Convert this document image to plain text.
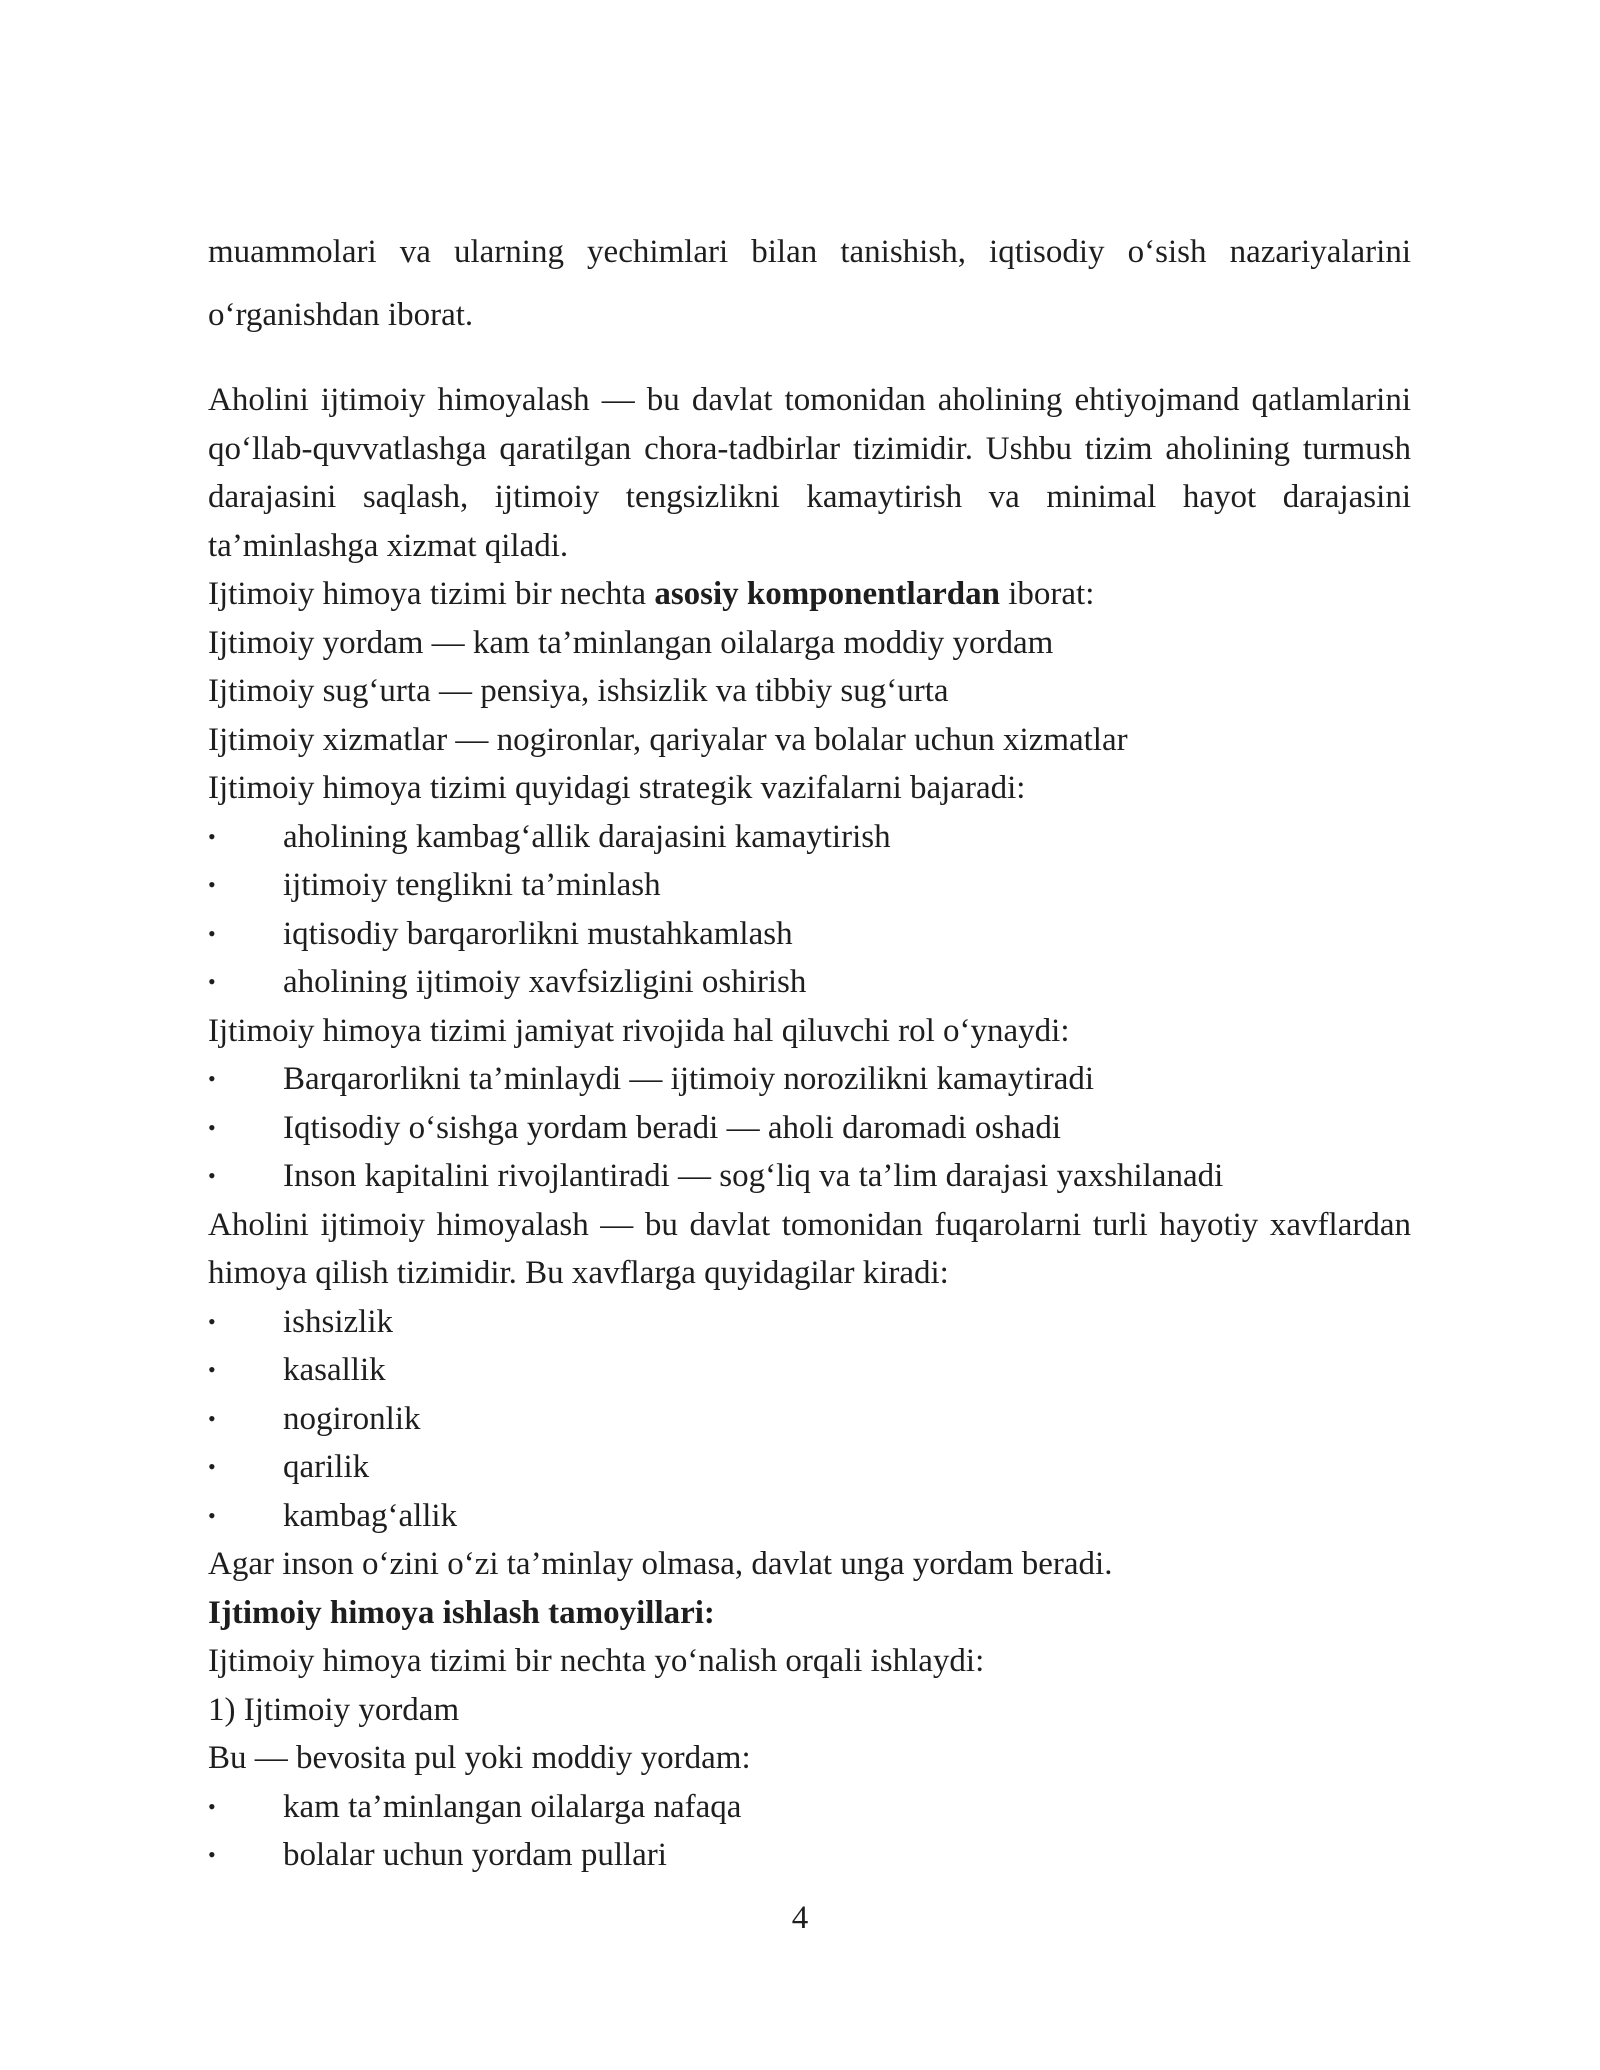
muammolari va ularning yechimlari bilan tanishish, iqtisodiy o‘sish nazariyalarini o‘rganishdan iborat.

Aholini ijtimoiy himoyalash — bu davlat tomonidan aholining ehtiyojmand qatlamlarini qo‘llab-quvvatlashga qaratilgan chora-tadbirlar tizimidir. Ushbu tizim aholining turmush darajasini saqlash, ijtimoiy tengsizlikni kamaytirish va minimal hayot darajasini ta’minlashga xizmat qiladi.

Ijtimoiy himoya tizimi bir nechta asosiy komponentlardan iborat:

Ijtimoiy yordam — kam ta’minlangan oilalarga moddiy yordam

Ijtimoiy sug‘urta — pensiya, ishsizlik va tibbiy sug‘urta

Ijtimoiy xizmatlar — nogironlar, qariyalar va bolalar uchun xizmatlar

Ijtimoiy himoya tizimi quyidagi strategik vazifalarni bajaradi:

•	aholining kambag‘allik darajasini kamaytirish

•	ijtimoiy tenglikni ta’minlash

•	iqtisodiy barqarorlikni mustahkamlash

•	aholining ijtimoiy xavfsizligini oshirish

Ijtimoiy himoya tizimi jamiyat rivojida hal qiluvchi rol o‘ynaydi:

•	Barqarorlikni ta’minlaydi — ijtimoiy norozilikni kamaytiradi

•	Iqtisodiy o‘sishga yordam beradi — aholi daromadi oshadi

•	Inson kapitalini rivojlantiradi — sog‘liq va ta’lim darajasi yaxshilanadi

Aholini ijtimoiy himoyalash — bu davlat tomonidan fuqarolarni turli hayotiy xavflardan himoya qilish tizimidir. Bu xavflarga quyidagilar kiradi:

•	ishsizlik

•	kasallik

•	nogironlik

•	qarilik

•	kambag‘allik

Agar inson o‘zini o‘zi ta’minlay olmasa, davlat unga yordam beradi.

Ijtimoiy himoya ishlash tamoyillari:

Ijtimoiy himoya tizimi bir nechta yo‘nalish orqali ishlaydi:

1) Ijtimoiy yordam

Bu — bevosita pul yoki moddiy yordam:

•	kam ta’minlangan oilalarga nafaqa

•	bolalar uchun yordam pullari

4
